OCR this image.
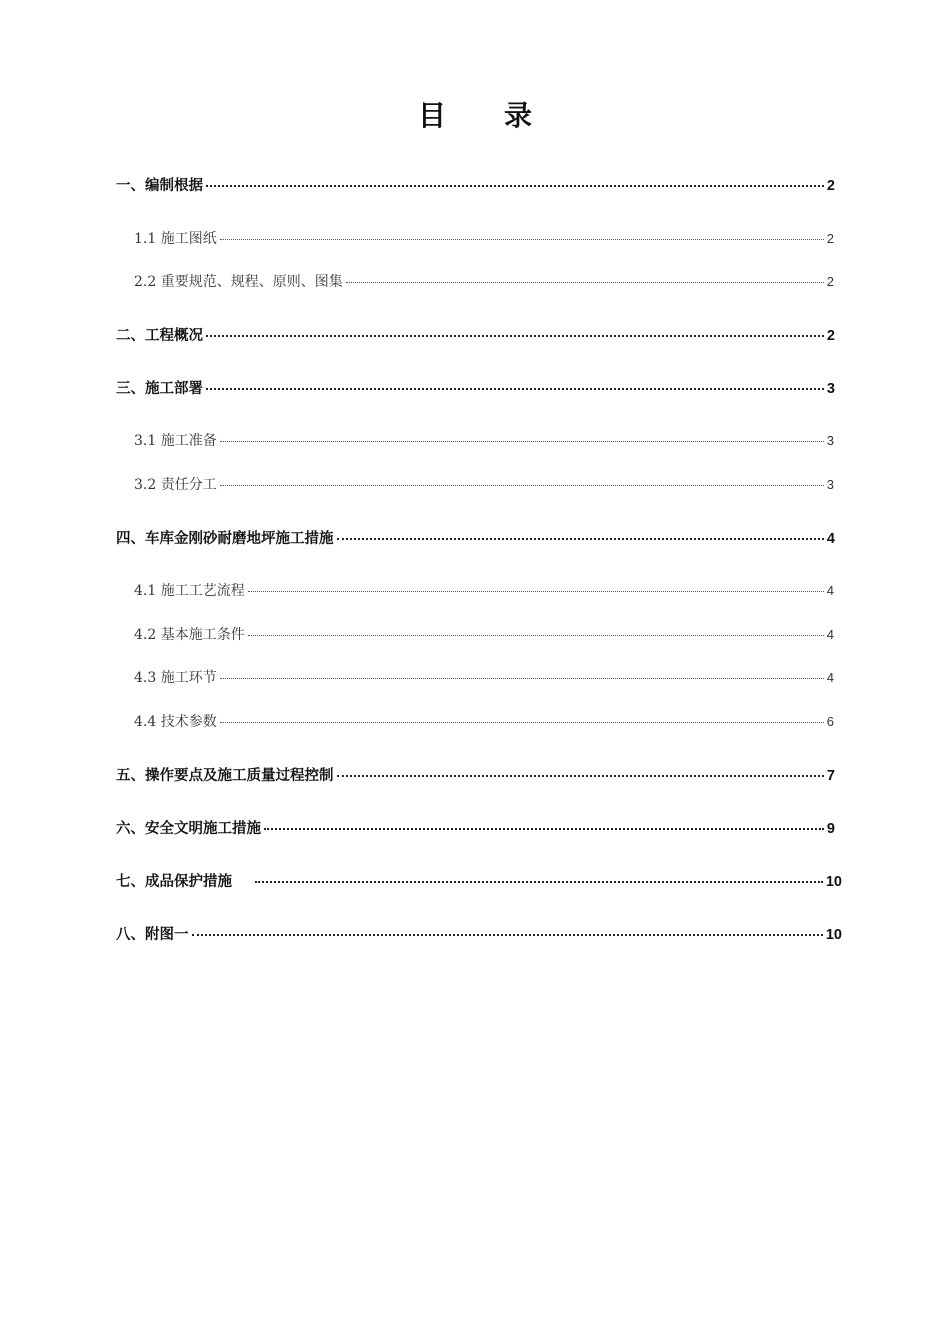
目 录
一、编制根据	2
1.1 施工图纸	2
2.2 重要规范、规程、原则、图集	2
二、工程概况	2
三、施工部署	3
3.1 施工准备	3
3.2 责任分工	3
四、车库金刚砂耐磨地坪施工措施	4
4.1 施工工艺流程	4
4.2 基本施工条件	4
4.3 施工环节	4
4.4 技术参数	6
五、操作要点及施工质量过程控制	7
六、安全文明施工措施	9
七、成品保护措施	10
八、附图一	10
